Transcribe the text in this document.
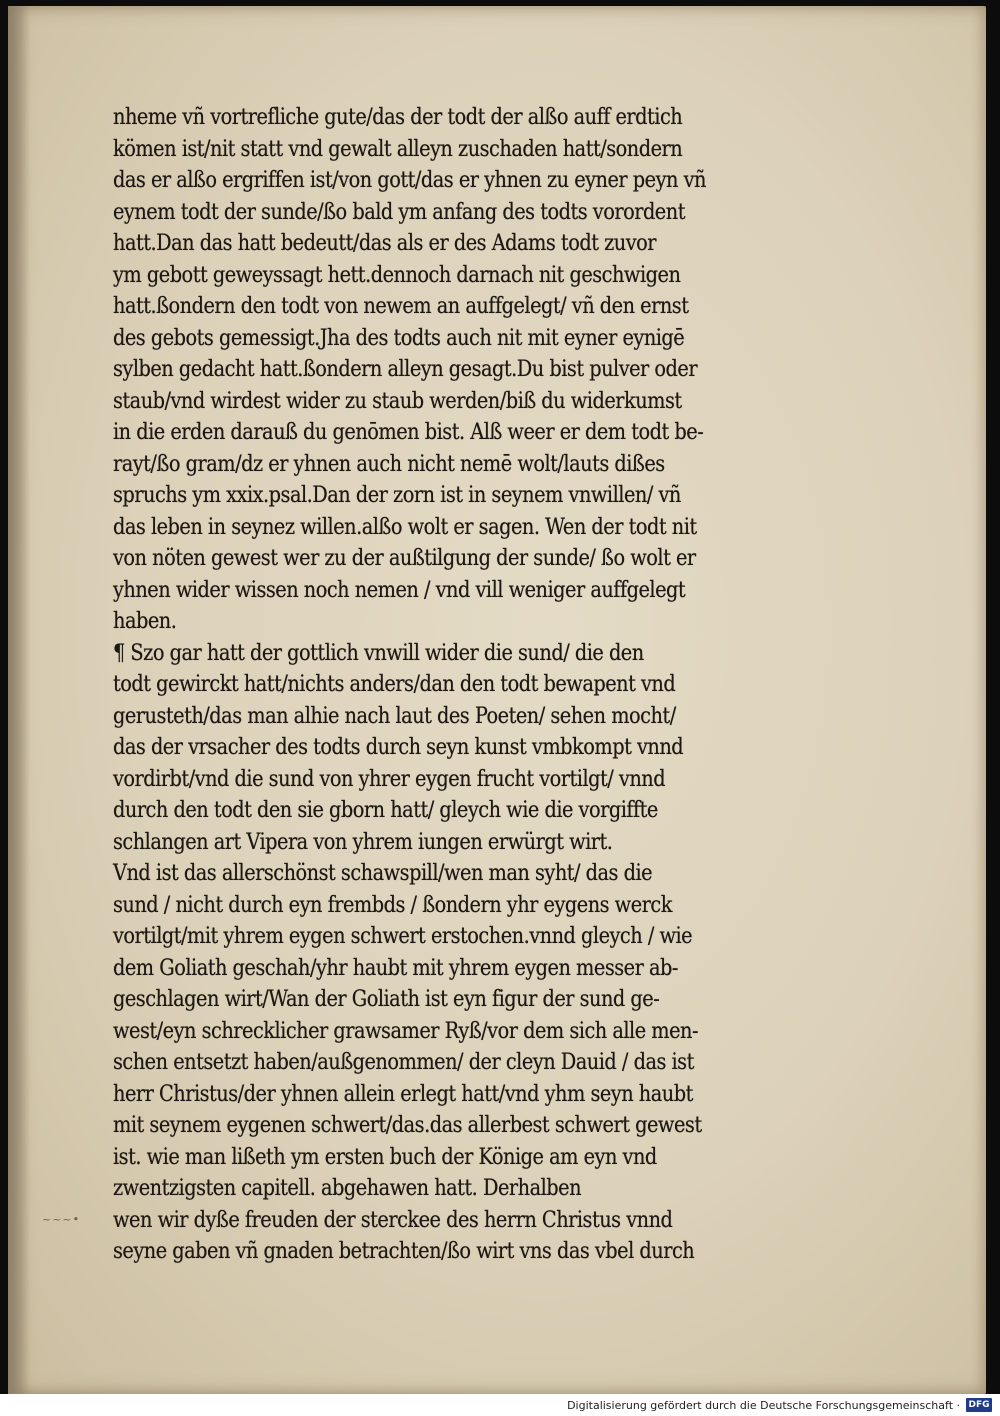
nheme vñ vortrefliche gute/das der todt der alßo auff erdtich
kömen ist/nit statt vnd gewalt alleyn zuschaden hatt/sondern
das er alßo ergriffen ist/von gott/das er yhnen zu eyner peyn vñ
eynem todt der sunde/ßo bald ym anfang des todts vorordent
hatt.Dan das hatt bedeutt/das als er des Adams todt zuvor
ym gebott geweyssagt hett.dennoch darnach nit geschwigen
hatt.ßondern den todt von newem an auffgelegt/ vñ den ernst
des gebots gemessigt.Jha des todts auch nit mit eyner eynigē
sylben gedacht hatt.ßondern alleyn gesagt.Du bist pulver oder
staub/vnd wirdest wider zu staub werden/biß du widerkumst
in die erden darauß du genōmen bist. Alß weer er dem todt be-
rayt/ßo gram/dz er yhnen auch nicht nemē wolt/lauts dißes
spruchs ym xxix.psal.Dan der zorn ist in seynem vnwillen/ vñ
das leben in seynez willen.alßo wolt er sagen. Wen der todt nit
von nöten gewest wer zu der außtilgung der sunde/ ßo wolt er
yhnen wider wissen noch nemen / vnd vill weniger auffgelegt
haben.
¶ Szo gar hatt der gottlich vnwill wider die sund/ die den
todt gewirckt hatt/nichts anders/dan den todt bewapent vnd
gerusteth/das man alhie nach laut des Poeten/ sehen mocht/
das der vrsacher des todts durch seyn kunst vmbkompt vnnd
vordirbt/vnd die sund von yhrer eygen frucht vortilgt/ vnnd
durch den todt den sie gborn hatt/ gleych wie die vorgiffte
schlangen art Vipera von yhrem iungen erwürgt wirt.
Vnd ist das allerschönst schawspill/wen man syht/ das die
sund / nicht durch eyn frembds / ßondern yhr eygens werck
vortilgt/mit yhrem eygen schwert erstochen.vnnd gleych / wie
dem Goliath geschah/yhr haubt mit yhrem eygen messer ab-
geschlagen wirt/Wan der Goliath ist eyn figur der sund ge-
west/eyn schrecklicher grawsamer Ryß/vor dem sich alle men-
schen entsetzt haben/außgenommen/ der cleyn Dauid / das ist
herr Christus/der yhnen allein erlegt hatt/vnd yhm seyn haubt
mit seynem eygenen schwert/das.das allerbest schwert gewest
ist. wie man lißeth ym ersten buch der Könige am eyn vnd
zwentzigsten capitell. abgehawen hatt. Derhalben
wen wir dyße freuden der sterckee des herrn Christus vnnd
seyne gaben vñ gnaden betrachten/ßo wirt vns das vbel durch
~~~•
Digitalisierung gefördert durch die Deutsche Forschungsgemeinschaft · DFG
